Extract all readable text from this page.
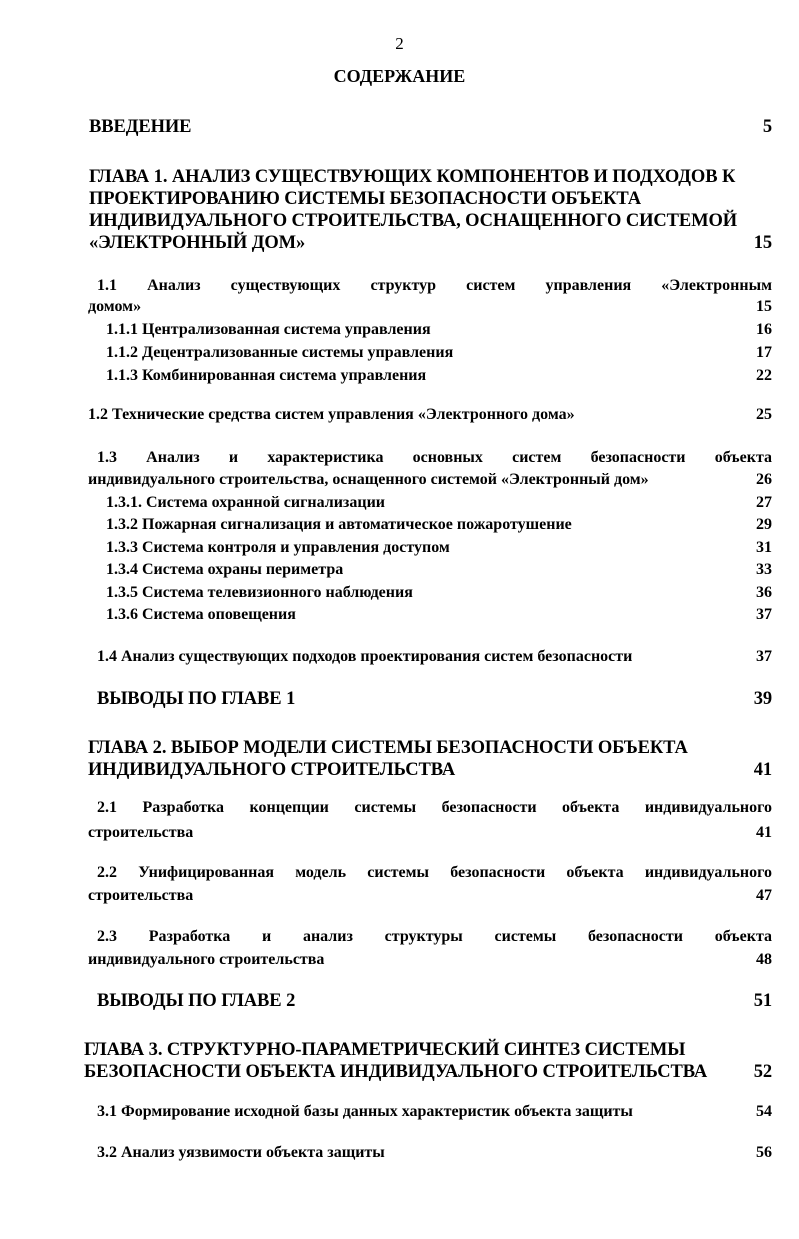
2
СОДЕРЖАНИЕ
ВВЕДЕНИЕ	5
ГЛАВА 1. АНАЛИЗ СУЩЕСТВУЮЩИХ КОМПОНЕНТОВ И ПОДХОДОВ К
ПРОЕКТИРОВАНИЮ СИСТЕМЫ БЕЗОПАСНОСТИ ОБЪЕКТА
ИНДИВИДУАЛЬНОГО СТРОИТЕЛЬСТВА, ОСНАЩЕННОГО СИСТЕМОЙ
«ЭЛЕКТРОННЫЙ ДОМ»	15
1.1 Анализ существующих структур систем управления «Электронным
домом»	15
1.1.1 Централизованная система управления	16
1.1.2 Децентрализованные системы управления	17
1.1.3 Комбинированная система управления	22
1.2 Технические средства систем управления «Электронного дома»	25
1.3 Анализ и характеристика основных систем безопасности объекта
индивидуального строительства, оснащенного системой «Электронный дом»	26
1.3.1. Система охранной сигнализации	27
1.3.2 Пожарная сигнализация и автоматическое пожаротушение	29
1.3.3 Система контроля и управления доступом	31
1.3.4 Система охраны периметра	33
1.3.5 Система телевизионного наблюдения	36
1.3.6 Система оповещения	37
1.4 Анализ существующих подходов проектирования систем безопасности	37
ВЫВОДЫ ПО ГЛАВЕ 1	39
ГЛАВА 2. ВЫБОР МОДЕЛИ СИСТЕМЫ БЕЗОПАСНОСТИ ОБЪЕКТА
ИНДИВИДУАЛЬНОГО СТРОИТЕЛЬСТВА	41
2.1 Разработка концепции системы безопасности объекта индивидуального
строительства	41
2.2 Унифицированная модель системы безопасности объекта индивидуального
строительства	47
2.3 Разработка и анализ структуры системы безопасности объекта
индивидуального строительства	48
ВЫВОДЫ ПО ГЛАВЕ 2	51
ГЛАВА 3. СТРУКТУРНО-ПАРАМЕТРИЧЕСКИЙ СИНТЕЗ СИСТЕМЫ
БЕЗОПАСНОСТИ ОБЪЕКТА ИНДИВИДУАЛЬНОГО СТРОИТЕЛЬСТВА	52
3.1 Формирование исходной базы данных характеристик объекта защиты	54
3.2 Анализ уязвимости объекта защиты	56
